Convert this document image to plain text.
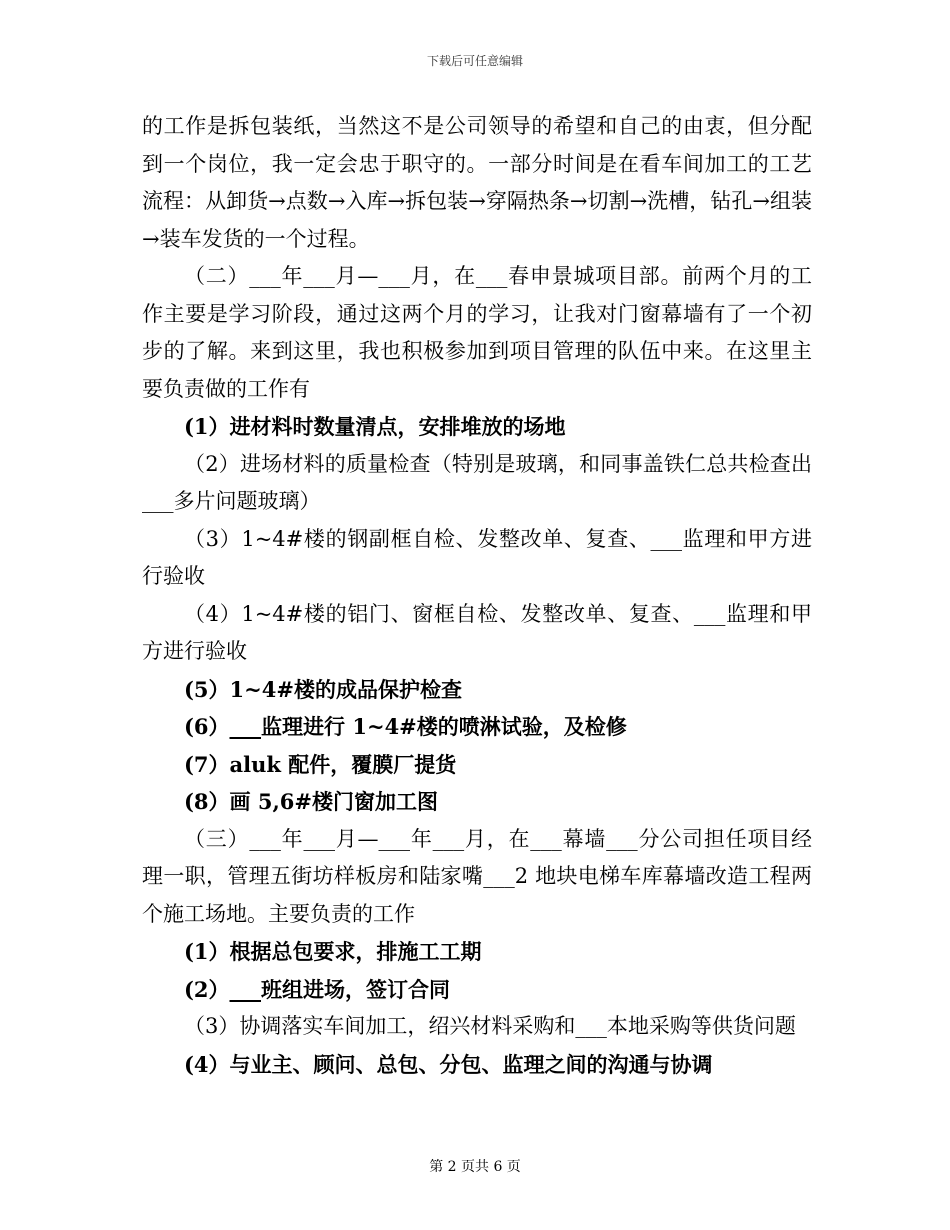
下载后可任意编辑

的工作是拆包装纸，当然这不是公司领导的希望和自己的由衷，但分配到一个岗位，我一定会忠于职守的。一部分时间是在看车间加工的工艺流程：从卸货→点数→入库→拆包装→穿隔热条→切割→洗槽，钻孔→组装→装车发货的一个过程。

（二）___年___月—___月，在___春申景城项目部。前两个月的工作主要是学习阶段，通过这两个月的学习，让我对门窗幕墙有了一个初步的了解。来到这里，我也积极参加到项目管理的队伍中来。在这里主要负责做的工作有

(1）进材料时数量清点，安排堆放的场地

（2）进场材料的质量检查（特别是玻璃，和同事盖铁仁总共检查出___多片问题玻璃）

（3）1~4#楼的钢副框自检、发整改单、复查、___监理和甲方进行验收

（4）1~4#楼的铝门、窗框自检、发整改单、复查、___监理和甲方进行验收

(5）1~4#楼的成品保护检查

(6）___监理进行 1~4#楼的喷淋试验，及检修

(7）aluk 配件，覆膜厂提货

(8）画 5,6#楼门窗加工图

（三）___年___月—___年___月，在___幕墙___分公司担任项目经理一职，管理五街坊样板房和陆家嘴___2 地块电梯车库幕墙改造工程两个施工场地。主要负责的工作

(1）根据总包要求，排施工工期

(2）___班组进场，签订合同

（3）协调落实车间加工，绍兴材料采购和___本地采购等供货问题

(4）与业主、顾问、总包、分包、监理之间的沟通与协调

第 2 页共 6 页
